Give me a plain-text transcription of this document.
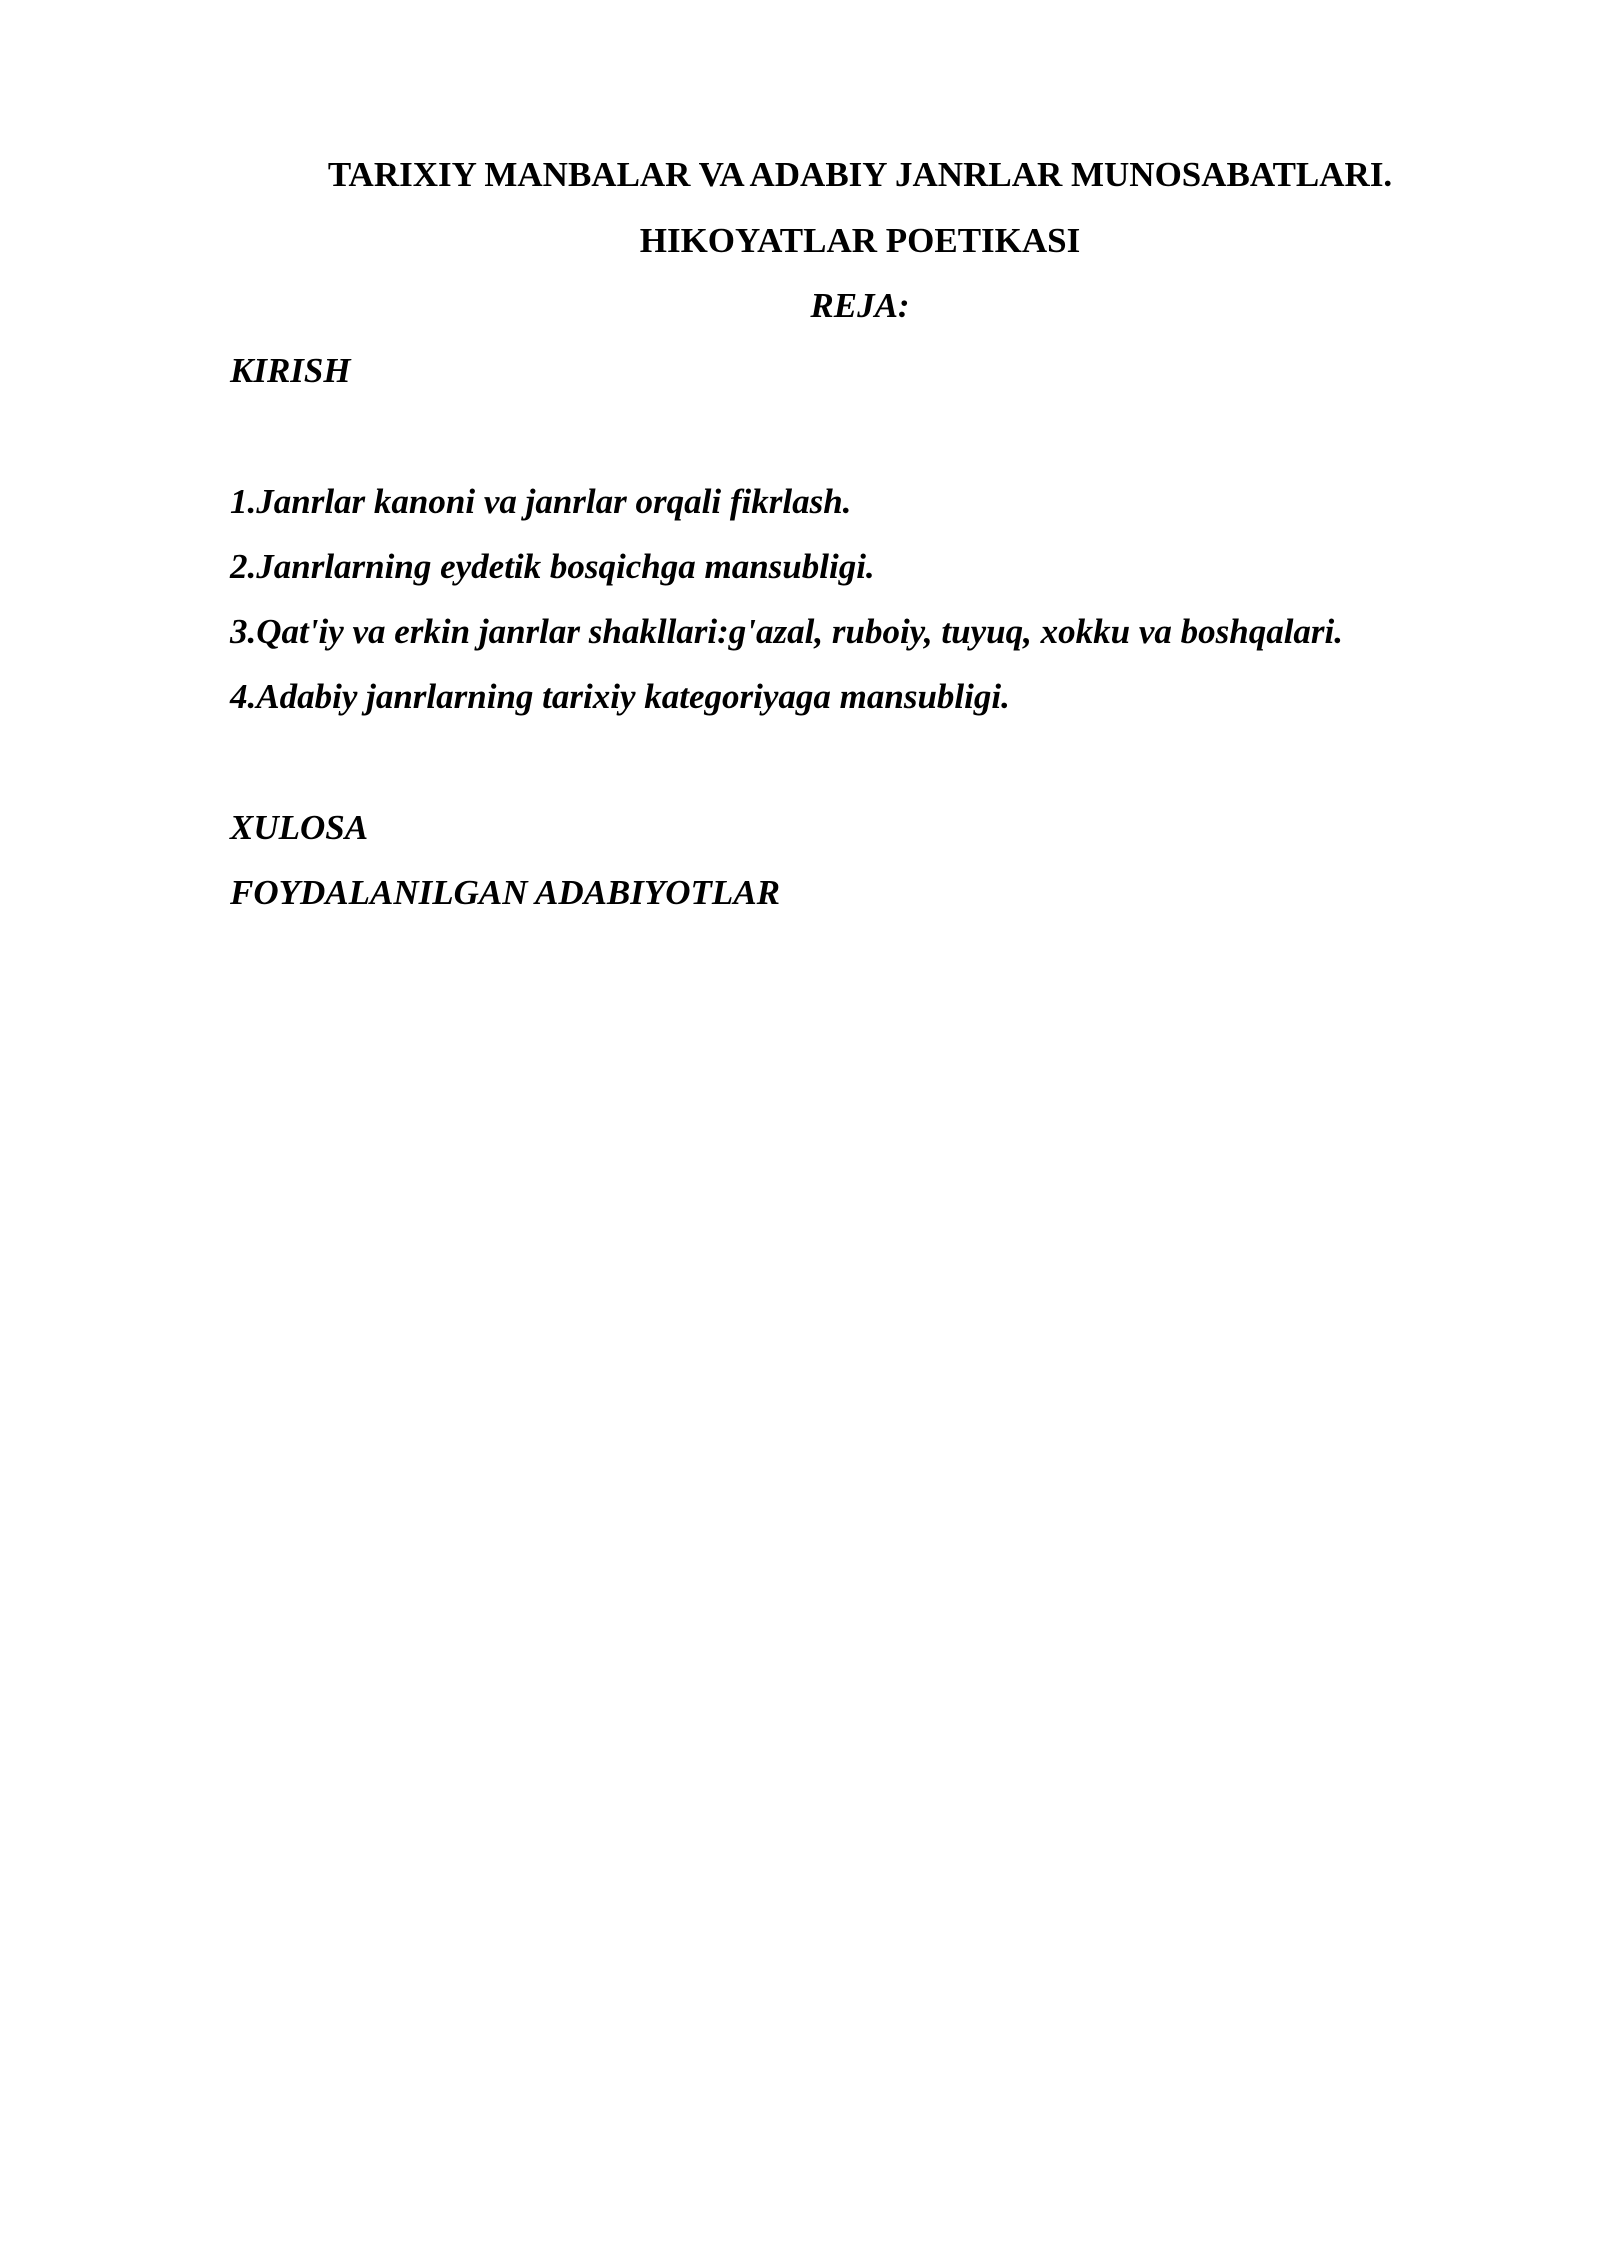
TARIXIY MANBALAR VA ADABIY JANRLAR MUNOSABATLARI.
HIKOYATLAR POETIKASI
REJA:
KIRISH
1.Janrlar kanoni va janrlar orqali fikrlash.
2.Janrlarning eydetik bosqichga mansubligi.
3.Qat'iy va erkin janrlar shakllari:g'azal, ruboiy, tuyuq, xokku va boshqalari.
4.Adabiy janrlarning tarixiy kategoriyaga mansubligi.
XULOSA
FOYDALANILGAN ADABIYOTLAR
